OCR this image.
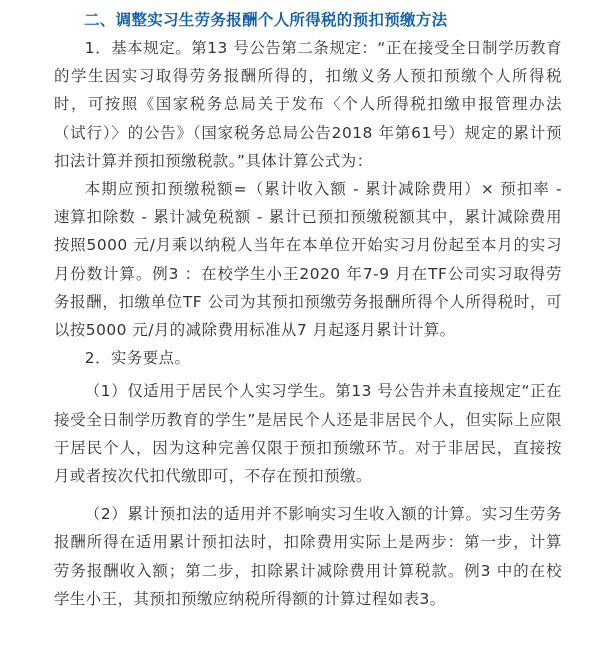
二、调整实习生劳务报酬个人所得税的预扣预缴方法

1．基本规定。第13 号公告第二条规定：“正在接受全日制学历教育的学生因实习取得劳务报酬所得的，扣缴义务人预扣预缴个人所得税时，可按照《国家税务总局关于发布〈个人所得税扣缴申报管理办法（试行）〉的公告》（国家税务总局公告2018 年第61号）规定的累计预扣法计算并预扣预缴税款。”具体计算公式为：

本期应预扣预缴税额=（累计收入额 - 累计减除费用）× 预扣率 - 速算扣除数 - 累计减免税额 - 累计已预扣预缴税额其中，累计减除费用按照5000 元/月乘以纳税人当年在本单位开始实习月份起至本月的实习月份数计算。例3 ：在校学生小王2020 年7-9 月在TF公司实习取得劳务报酬，扣缴单位TF 公司为其预扣预缴劳务报酬所得个人所得税时，可以按5000 元/月的减除费用标准从7 月起逐月累计计算。

2．实务要点。

（1）仅适用于居民个人实习学生。第13 号公告并未直接规定“正在接受全日制学历教育的学生”是居民个人还是非居民个人，但实际上应限于居民个人，因为这种完善仅限于预扣预缴环节。对于非居民，直接按月或者按次代扣代缴即可，不存在预扣预缴。

（2）累计预扣法的适用并不影响实习生收入额的计算。实习生劳务报酬所得在适用累计预扣法时，扣除费用实际上是两步：第一步，计算劳务报酬收入额；第二步，扣除累计减除费用计算税款。例3 中的在校学生小王，其预扣预缴应纳税所得额的计算过程如表3。
